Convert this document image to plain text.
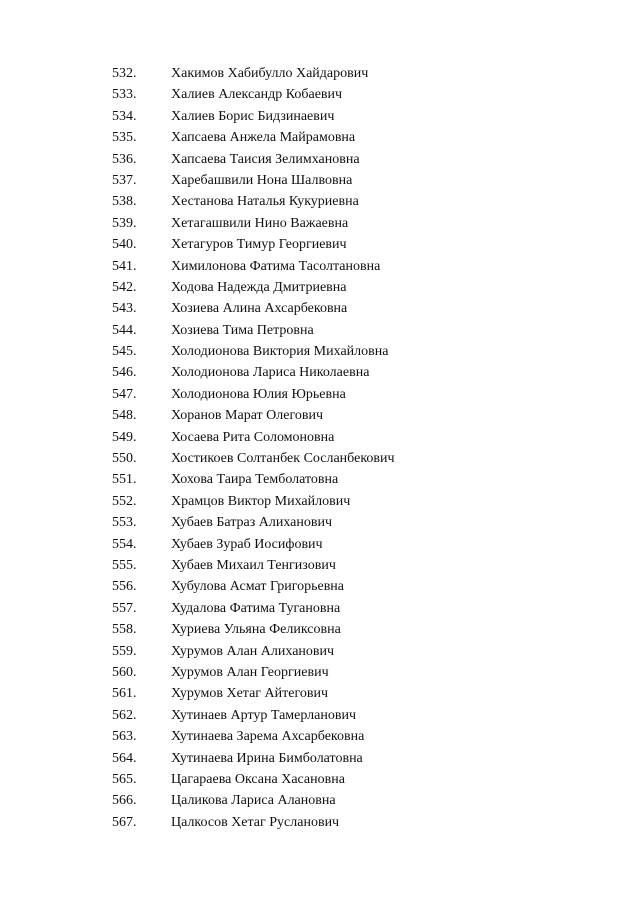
532.	Хакимов Хабибулло Хайдарович
533.	Халиев Александр Кобаевич
534.	Халиев Борис Бидзинаевич
535.	Хапсаева Анжела Майрамовна
536.	Хапсаева Таисия Зелимхановна
537.	Харебашвили Нона Шалвовна
538.	Хестанова Наталья Кукуриевна
539.	Хетагашвили Нино Важаевна
540.	Хетагуров Тимур Георгиевич
541.	Химилонова Фатима Тасолтановна
542.	Ходова Надежда Дмитриевна
543.	Хозиева Алина Ахсарбековна
544.	Хозиева Тима Петровна
545.	Холодионова Виктория Михайловна
546.	Холодионова Лариса Николаевна
547.	Холодионова Юлия Юрьевна
548.	Хоранов Марат Олегович
549.	Хосаева Рита Соломоновна
550.	Хостикоев Солтанбек Сосланбекович
551.	Хохова Таира Темболатовна
552.	Храмцов Виктор Михайлович
553.	Хубаев Батраз Алиханович
554.	Хубаев Зураб Иосифович
555.	Хубаев Михаил Тенгизович
556.	Хубулова Асмат Григорьевна
557.	Худалова Фатима Тугановна
558.	Хуриева Ульяна Феликсовна
559.	Хурумов Алан Алиханович
560.	Хурумов Алан Георгиевич
561.	Хурумов Хетаг Айтегович
562.	Хутинаев Артур Тамерланович
563.	Хутинаева Зарема Ахсарбековна
564.	Хутинаева Ирина Бимболатовна
565.	Цагараева Оксана Хасановна
566.	Цаликова Лариса Алановна
567.	Цалкосов Хетаг Русланович
